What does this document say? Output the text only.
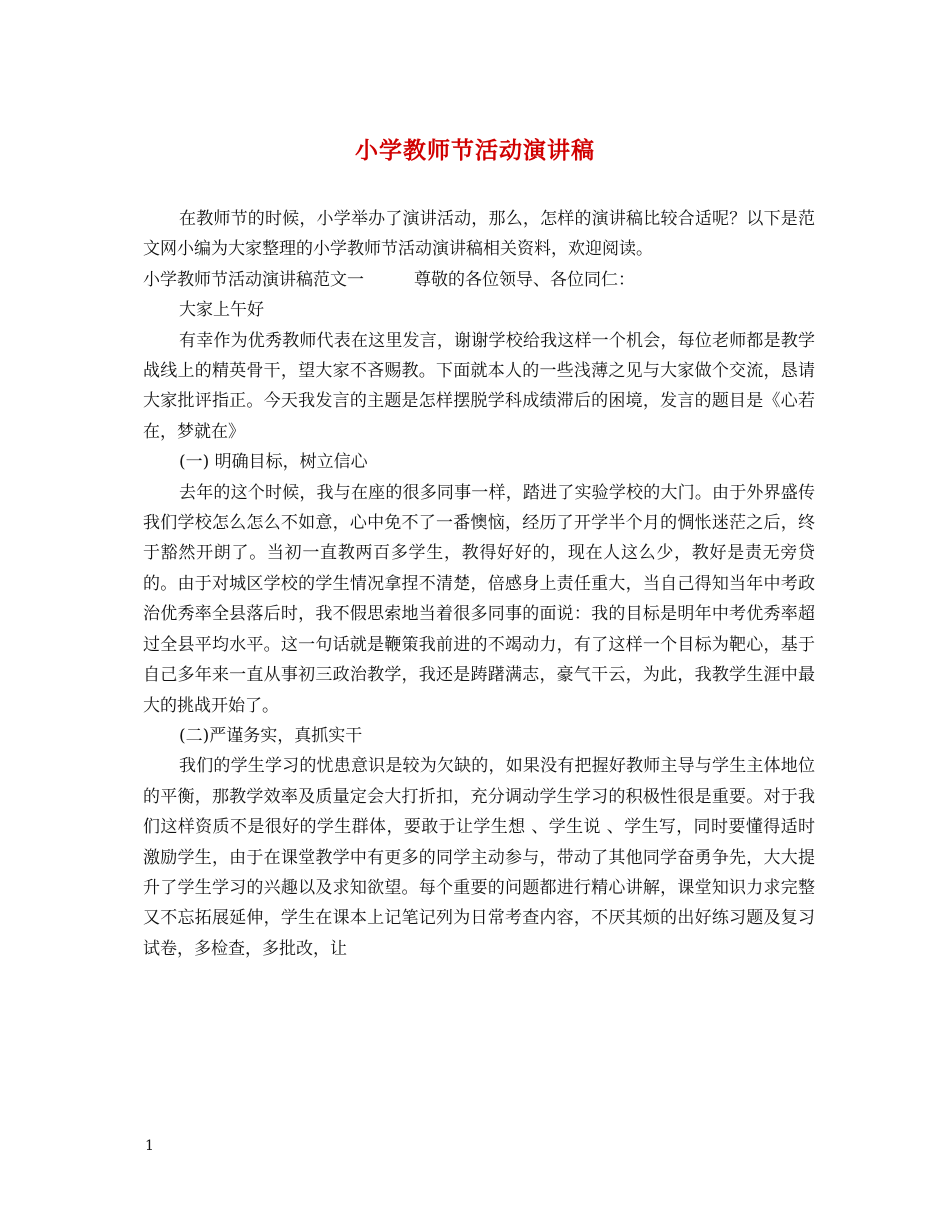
小学教师节活动演讲稿

在教师节的时候，小学举办了演讲活动，那么，怎样的演讲稿比较合适呢？以下是范文网小编为大家整理的小学教师节活动演讲稿相关资料，欢迎阅读。

小学教师节活动演讲稿范文一	尊敬的各位领导、各位同仁：

大家上午好

有幸作为优秀教师代表在这里发言，谢谢学校给我这样一个机会，每位老师都是教学战线上的精英骨干，望大家不吝赐教。下面就本人的一些浅薄之见与大家做个交流，恳请大家批评指正。今天我发言的主题是怎样摆脱学科成绩滞后的困境，发言的题目是《心若在，梦就在》

(一) 明确目标，树立信心

去年的这个时候，我与在座的很多同事一样，踏进了实验学校的大门。由于外界盛传我们学校怎么怎么不如意，心中免不了一番懊恼，经历了开学半个月的惆怅迷茫之后，终于豁然开朗了。当初一直教两百多学生，教得好好的，现在人这么少，教好是责无旁贷的。由于对城区学校的学生情况拿捏不清楚，倍感身上责任重大，当自己得知当年中考政治优秀率全县落后时，我不假思索地当着很多同事的面说：我的目标是明年中考优秀率超过全县平均水平。这一句话就是鞭策我前进的不竭动力，有了这样一个目标为靶心，基于自己多年来一直从事初三政治教学，我还是踌躇满志，豪气干云，为此，我教学生涯中最大的挑战开始了。

(二)严谨务实，真抓实干

我们的学生学习的忧患意识是较为欠缺的，如果没有把握好教师主导与学生主体地位的平衡，那教学效率及质量定会大打折扣，充分调动学生学习的积极性很是重要。对于我们这样资质不是很好的学生群体，要敢于让学生想 、学生说 、学生写，同时要懂得适时激励学生，由于在课堂教学中有更多的同学主动参与，带动了其他同学奋勇争先，大大提升了学生学习的兴趣以及求知欲望。每个重要的问题都进行精心讲解，课堂知识力求完整又不忘拓展延伸，学生在课本上记笔记列为日常考查内容，不厌其烦的出好练习题及复习试卷，多检查，多批改，让

1
